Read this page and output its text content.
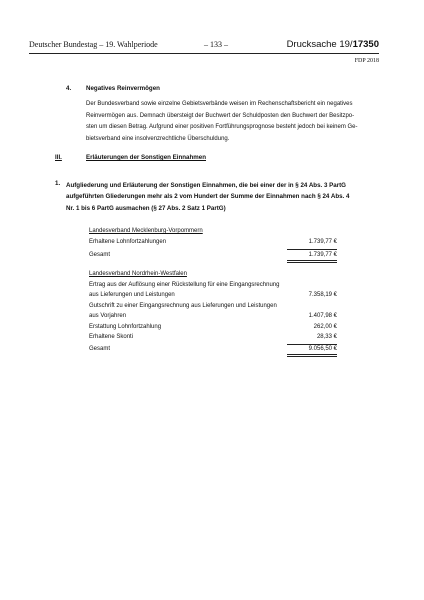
Deutscher Bundestag – 19. Wahlperiode	– 133 –	Drucksache 19/17350
FDP 2018
4. Negatives Reinvermögen

Der Bundesverband sowie einzelne Gebietsverbände weisen im Rechenschaftsbericht ein negatives

Reinvermögen aus. Demnach übersteigt der Buchwert der Schuldposten den Buchwert der Besitzpo-

sten um diesen Betrag. Aufgrund einer positiven Fortführungsprognose besteht jedoch bei keinem Ge-

bietsverband eine insolvenzrechtliche Überschuldung.

III.	Erläuterungen der Sonstigen Einnahmen
1. Aufgliederung und Erläuterung der Sonstigen Einnahmen, die bei einer der in § 24 Abs. 3 PartG

aufgeführten Gliederungen mehr als 2 vom Hundert der Summe der Einnahmen nach § 24 Abs. 4

Nr. 1 bis 6 PartG ausmachen (§ 27 Abs. 2 Satz 1 PartG)

Landesverband Mecklenburg-Vorpommern
Erhaltene Lohnfortzahlungen	1.739,77 €
Gesamt	1.739,77 €
Landesverband Nordrhein-Westfalen
Ertrag aus der Auflösung einer Rückstellung für eine Eingangsrechnung
aus Lieferungen und Leistungen	7.358,19 €
Gutschrift zu einer Eingangsrechnung aus Lieferungen und Leistungen
aus Vorjahren	1.407,98 €
Erstattung Lohnfortzahlung	262,00 €
Erhaltene Skonti	28,33 €
Gesamt	9.056,50 €
